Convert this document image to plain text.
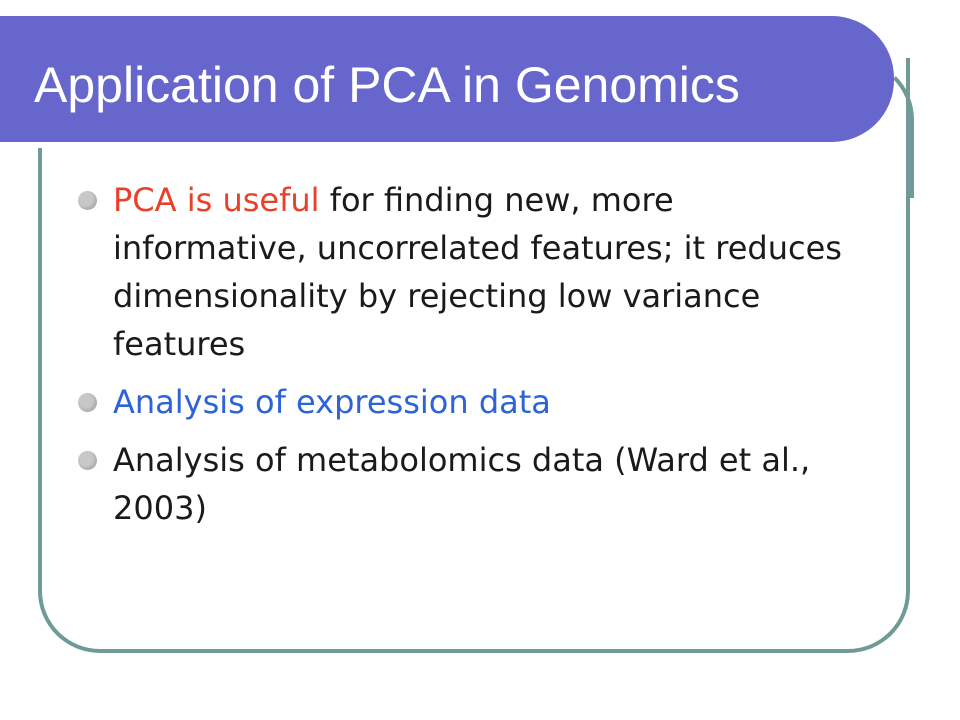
Application of PCA in Genomics
PCA is useful for finding new, more informative, uncorrelated features; it reduces dimensionality by rejecting low variance features
Analysis of expression data
Analysis of metabolomics data (Ward et al., 2003)
